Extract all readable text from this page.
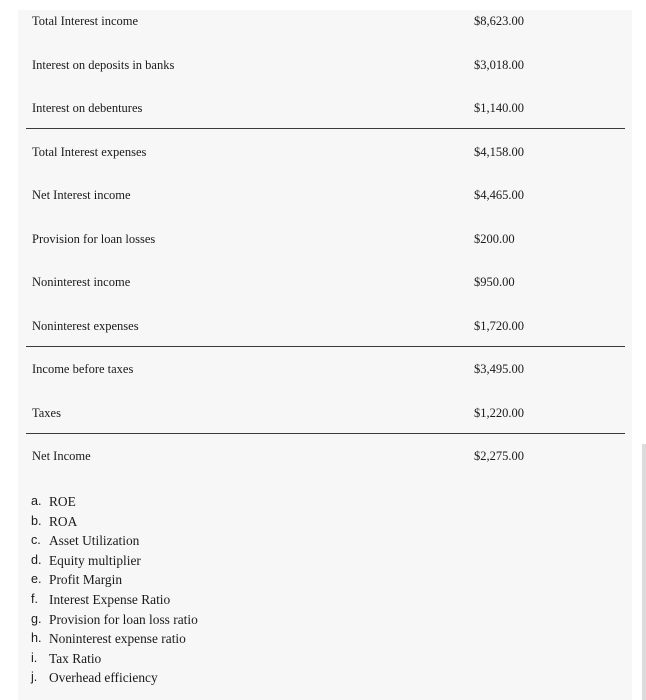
Total Interest income	$8,623.00
Interest on deposits in banks	$3,018.00
Interest on debentures	$1,140.00
Total Interest expenses	$4,158.00
Net Interest income	$4,465.00
Provision for loan losses	$200.00
Noninterest income	$950.00
Noninterest expenses	$1,720.00
Income before taxes	$3,495.00
Taxes	$1,220.00
Net Income	$2,275.00
a. ROE
b. ROA
c. Asset Utilization
d. Equity multiplier
e. Profit Margin
f. Interest Expense Ratio
g. Provision for loan loss ratio
h. Noninterest expense ratio
i. Tax Ratio
j. Overhead efficiency
